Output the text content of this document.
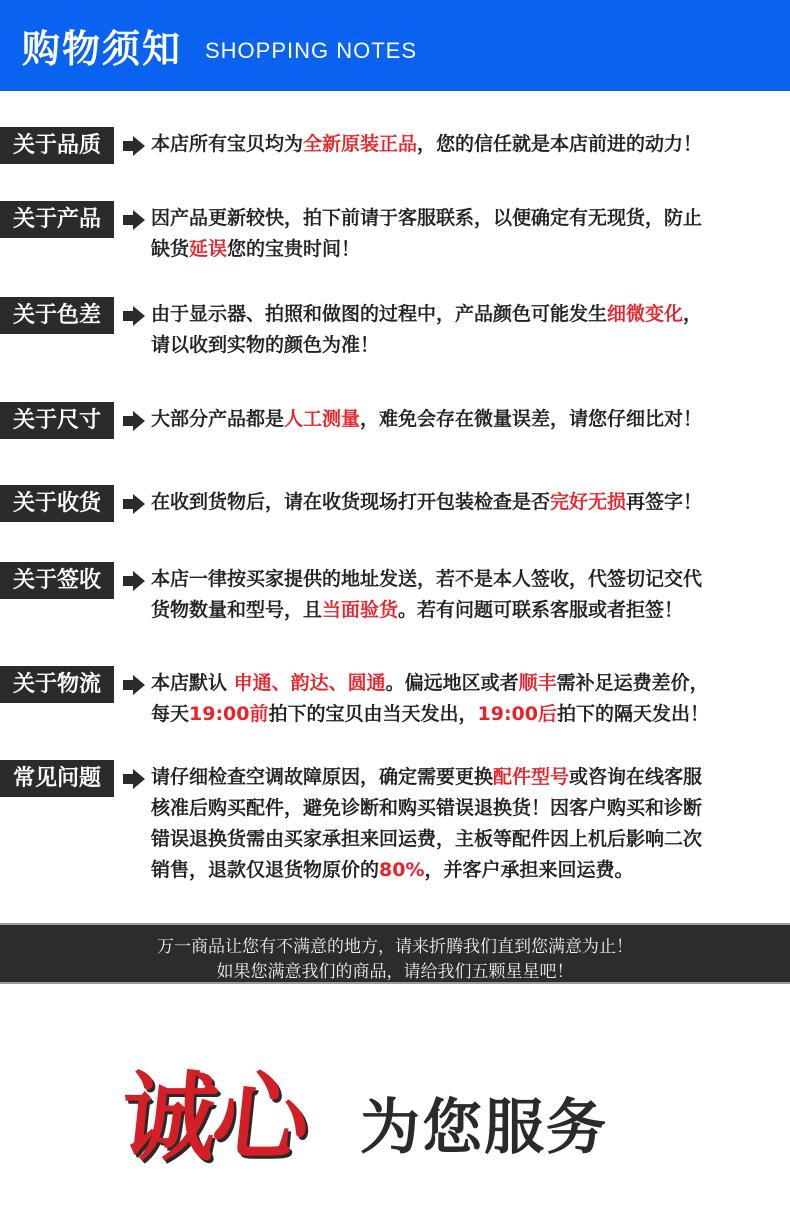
购物须知 SHOPPING NOTES
关于品质	本店所有宝贝均为全新原装正品，您的信任就是本店前进的动力！
关于产品	因产品更新较快，拍下前请于客服联系，以便确定有无现货，防止
缺货延误您的宝贵时间！
关于色差	由于显示器、拍照和做图的过程中，产品颜色可能发生细微变化，
请以收到实物的颜色为准！
关于尺寸	大部分产品都是人工测量，难免会存在微量误差，请您仔细比对！
关于收货	在收到货物后，请在收货现场打开包装检查是否完好无损再签字！
关于签收	本店一律按买家提供的地址发送，若不是本人签收，代签切记交代
货物数量和型号，且当面验货。若有问题可联系客服或者拒签！
关于物流	本店默认 申通、韵达、圆通。偏远地区或者顺丰需补足运费差价，
每天19:00前拍下的宝贝由当天发出，19:00后拍下的隔天发出！
常见问题	请仔细检查空调故障原因，确定需要更换配件型号或咨询在线客服
核准后购买配件，避免诊断和购买错误退换货！因客户购买和诊断
错误退换货需由买家承担来回运费，主板等配件因上机后影响二次
销售，退款仅退货物原价的80%，并客户承担来回运费。
万一商品让您有不满意的地方，请来折腾我们直到您满意为止！
如果您满意我们的商品，请给我们五颗星星吧！
诚心 为您服务
